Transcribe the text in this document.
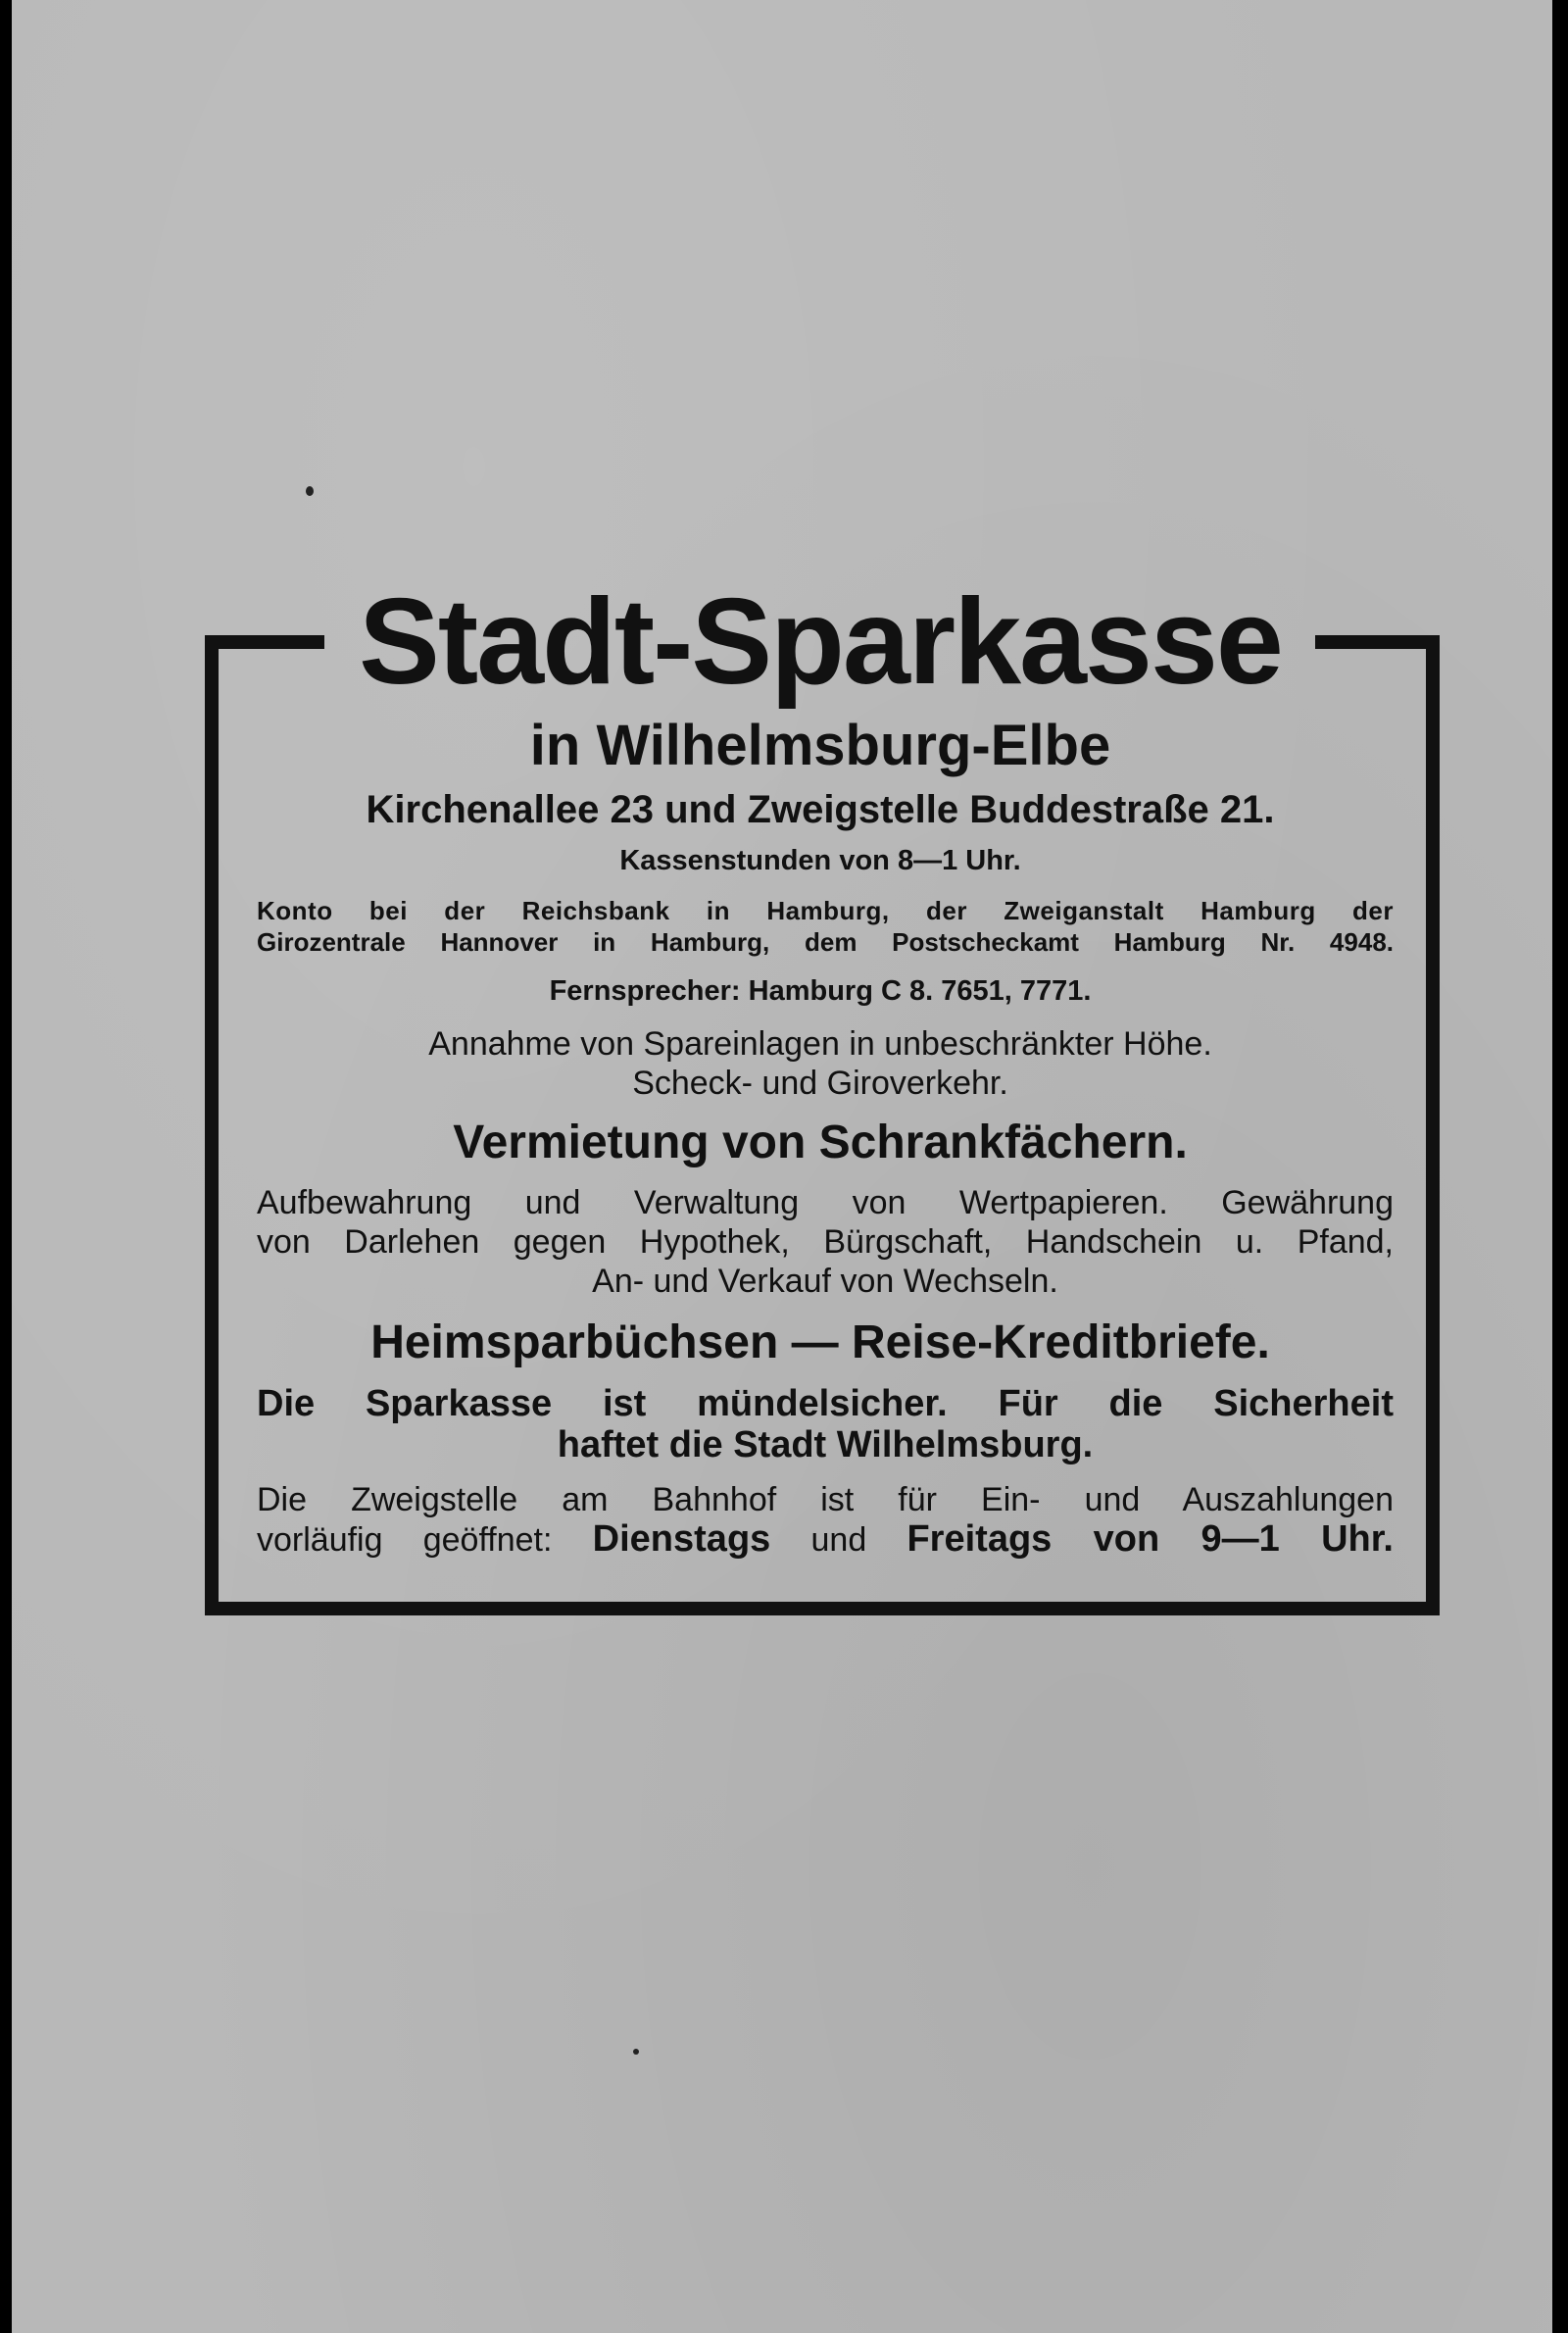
Stadt-Sparkasse

in Wilhelmsburg-Elbe

Kirchenallee 23 und Zweigstelle Buddestraße 21.

Kassenstunden von 8—1 Uhr.

Konto bei der Reichsbank in Hamburg, der Zweiganstalt Hamburg der

Girozentrale Hannover in Hamburg, dem Postscheckamt Hamburg Nr. 4948.

Fernsprecher: Hamburg C 8. 7651, 7771.

Annahme von Spareinlagen in unbeschränkter Höhe.

Scheck- und Giroverkehr.

Vermietung von Schrankfächern.

Aufbewahrung und Verwaltung von Wertpapieren. Gewährung

von Darlehen gegen Hypothek, Bürgschaft, Handschein u. Pfand,

An- und Verkauf von Wechseln.

Heimsparbüchsen — Reise-Kreditbriefe.

Die Sparkasse ist mündelsicher. Für die Sicherheit

haftet die Stadt Wilhelmsburg.

Die Zweigstelle am Bahnhof ist für Ein- und Auszahlungen

vorläufig geöffnet: Dienstags und Freitags von 9—1 Uhr.
